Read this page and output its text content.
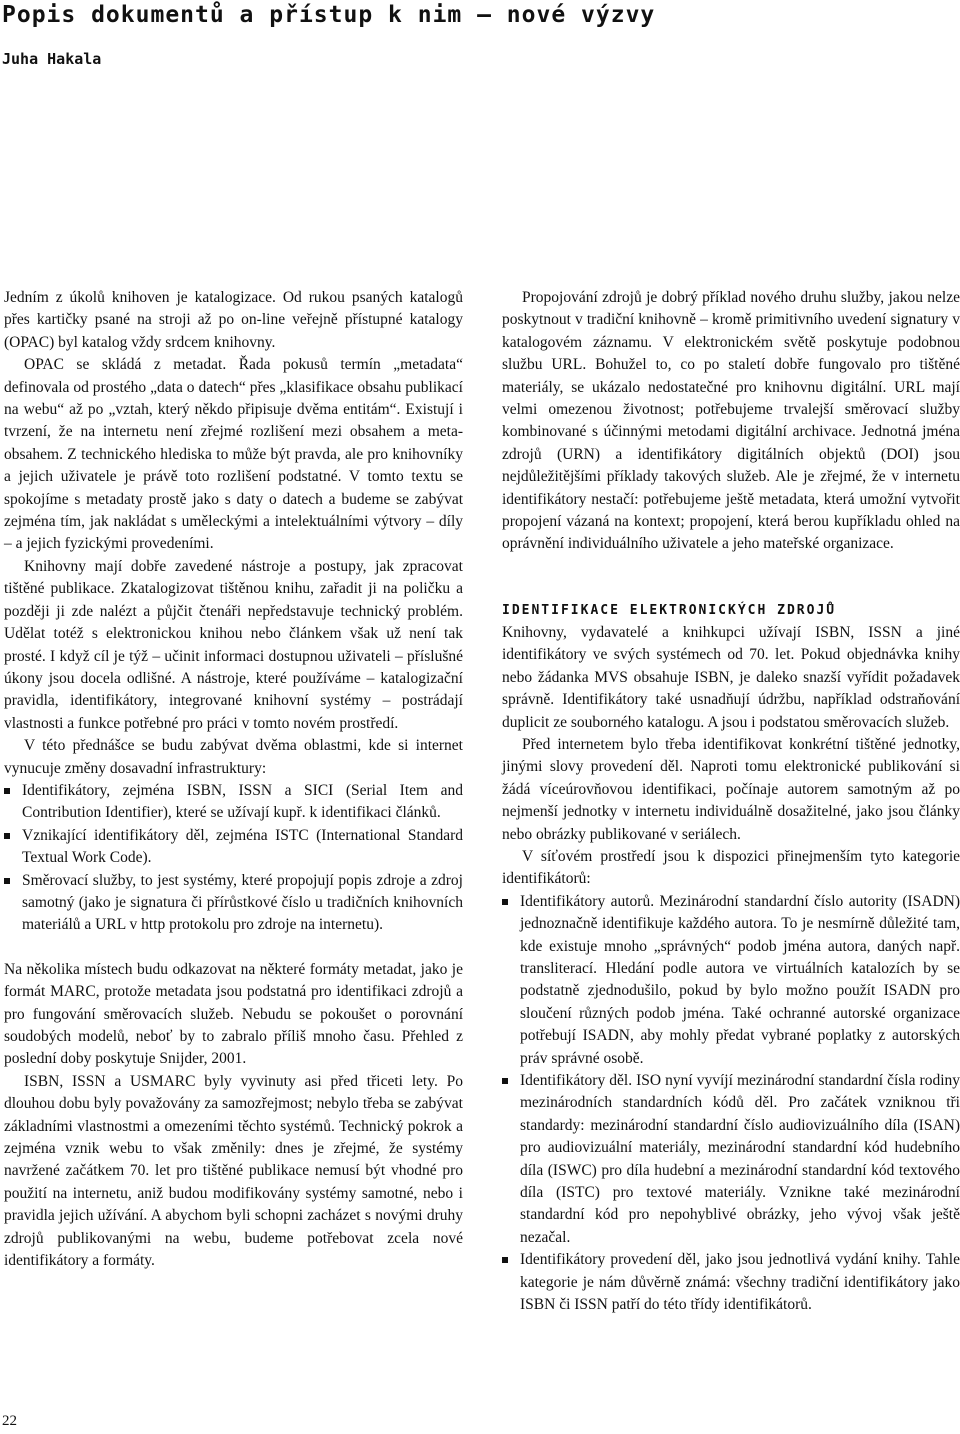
Popis dokumentů a přístup k nim – nové výzvy
Juha Hakala

Jedním z úkolů knihoven je katalogizace. Od rukou psaných katalogů přes kartičky psané na stroji až po on-line veřejně přístupné katalogy (OPAC) byl katalog vždy srdcem knihovny.

OPAC se skládá z metadat. Řada pokusů termín „metadata“ definovala od prostého „data o datech“ přes „klasifikace obsahu publikací na webu“ až po „vztah, který někdo připisuje dvěma entitám“. Existují i tvrzení, že na internetu není zřejmé rozlišení mezi obsahem a meta-obsahem. Z technického hlediska to může být pravda, ale pro knihovníky a jejich uživatele je právě toto rozlišení podstatné. V tomto textu se spokojíme s metadaty prostě jako s daty o datech a budeme se zabývat zejména tím, jak nakládat s uměleckými a intelektuálními výtvory – díly – a jejich fyzickými provedeními.

Knihovny mají dobře zavedené nástroje a postupy, jak zpracovat tištěné publikace. Zkatalogizovat tištěnou knihu, zařadit ji na poličku a později ji zde nalézt a půjčit čtenáři nepředstavuje technický problém. Udělat totéž s elektronickou knihou nebo článkem však už není tak prosté. I když cíl je týž – učinit informaci dostupnou uživateli – příslušné úkony jsou docela odlišné. A nástroje, které používáme – katalogizační pravidla, identifikátory, integrované knihovní systémy – postrádají vlastnosti a funkce potřebné pro práci v tomto novém prostředí.

V této přednášce se budu zabývat dvěma oblastmi, kde si internet vynucuje změny dosavadní infrastruktury:

Identifikátory, zejména ISBN, ISSN a SICI (Serial Item and Contribution Identifier), které se užívají kupř. k identifikaci článků.
Vznikající identifikátory děl, zejména ISTC (International Standard Textual Work Code).
Směrovací služby, to jest systémy, které propojují popis zdroje a zdroj samotný (jako je signatura či přírůstkové číslo u tradičních knihovních materiálů a URL v http protokolu pro zdroje na internetu).

Na několika místech budu odkazovat na některé formáty metadat, jako je formát MARC, protože metadata jsou podstatná pro identifikaci zdrojů a pro fungování směrovacích služeb. Nebudu se pokoušet o porovnání soudobých modelů, neboť by to zabralo příliš mnoho času. Přehled z poslední doby poskytuje Snijder, 2001.

ISBN, ISSN a USMARC byly vyvinuty asi před třiceti lety. Po dlouhou dobu byly považovány za samozřejmost; nebylo třeba se zabývat základními vlastnostmi a omezeními těchto systémů. Technický pokrok a zejména vznik webu to však změnily: dnes je zřejmé, že systémy navržené začátkem 70. let pro tištěné publikace nemusí být vhodné pro použití na internetu, aniž budou modifikovány systémy samotné, nebo i pravidla jejich užívání. A abychom byli schopni zacházet s novými druhy zdrojů publikovanými na webu, budeme potřebovat zcela nové identifikátory a formáty.

Propojování zdrojů je dobrý příklad nového druhu služby, jakou nelze poskytnout v tradiční knihovně – kromě primitivního uvedení signatury v katalogovém záznamu. V elektronickém světě poskytuje podobnou službu URL. Bohužel to, co po staletí dobře fungovalo pro tištěné materiály, se ukázalo nedostatečné pro knihovnu digitální. URL mají velmi omezenou životnost; potřebujeme trvalejší směrovací služby kombinované s účinnými metodami digitální archivace. Jednotná jména zdrojů (URN) a identifikátory digitálních objektů (DOI) jsou nejdůležitějšími příklady takových služeb. Ale je zřejmé, že v internetu identifikátory nestačí: potřebujeme ještě metadata, která umožní vytvořit propojení vázaná na kontext; propojení, která berou kupříkladu ohled na oprávnění individuálního uživatele a jeho mateřské organizace.

IDENTIFIKACE ELEKTRONICKÝCH ZDROJŮ

Knihovny, vydavatelé a knihkupci užívají ISBN, ISSN a jiné identifikátory ve svých systémech od 70. let. Pokud objednávka knihy nebo žádanka MVS obsahuje ISBN, je daleko snazší vyřídit požadavek správně. Identifikátory také usnadňují údržbu, například odstraňování duplicit ze souborného katalogu. A jsou i podstatou směrovacích služeb.

Před internetem bylo třeba identifikovat konkrétní tištěné jednotky, jinými slovy provedení děl. Naproti tomu elektronické publikování si žádá víceúrovňovou identifikaci, počínaje autorem samotným až po nejmenší jednotky v internetu individuálně dosažitelné, jako jsou články nebo obrázky publikované v seriálech.

V síťovém prostředí jsou k dispozici přinejmenším tyto kategorie identifikátorů:

Identifikátory autorů. Mezinárodní standardní číslo autority (ISADN) jednoznačně identifikuje každého autora. To je nesmírně důležité tam, kde existuje mnoho „správných“ podob jména autora, daných např. transliterací. Hledání podle autora ve virtuálních katalozích by se podstatně zjednodušilo, pokud by bylo možno použít ISADN pro sloučení různých podob jména. Také ochranné autorské organizace potřebují ISADN, aby mohly předat vybrané poplatky z autorských práv správné osobě.
Identifikátory děl. ISO nyní vyvíjí mezinárodní standardní čísla rodiny mezinárodních standardních kódů děl. Pro začátek vzniknou tři standardy: mezinárodní standardní číslo audiovizuálního díla (ISAN) pro audiovizuální materiály, mezinárodní standardní kód hudebního díla (ISWC) pro díla hudební a mezinárodní standardní kód textového díla (ISTC) pro textové materiály. Vznikne také mezinárodní standardní kód pro nepohyblivé obrázky, jeho vývoj však ještě nezačal.
Identifikátory provedení děl, jako jsou jednotlivá vydání knihy. Tahle kategorie je nám důvěrně známá: všechny tradiční identifikátory jako ISBN či ISSN patří do této třídy identifikátorů.
22
